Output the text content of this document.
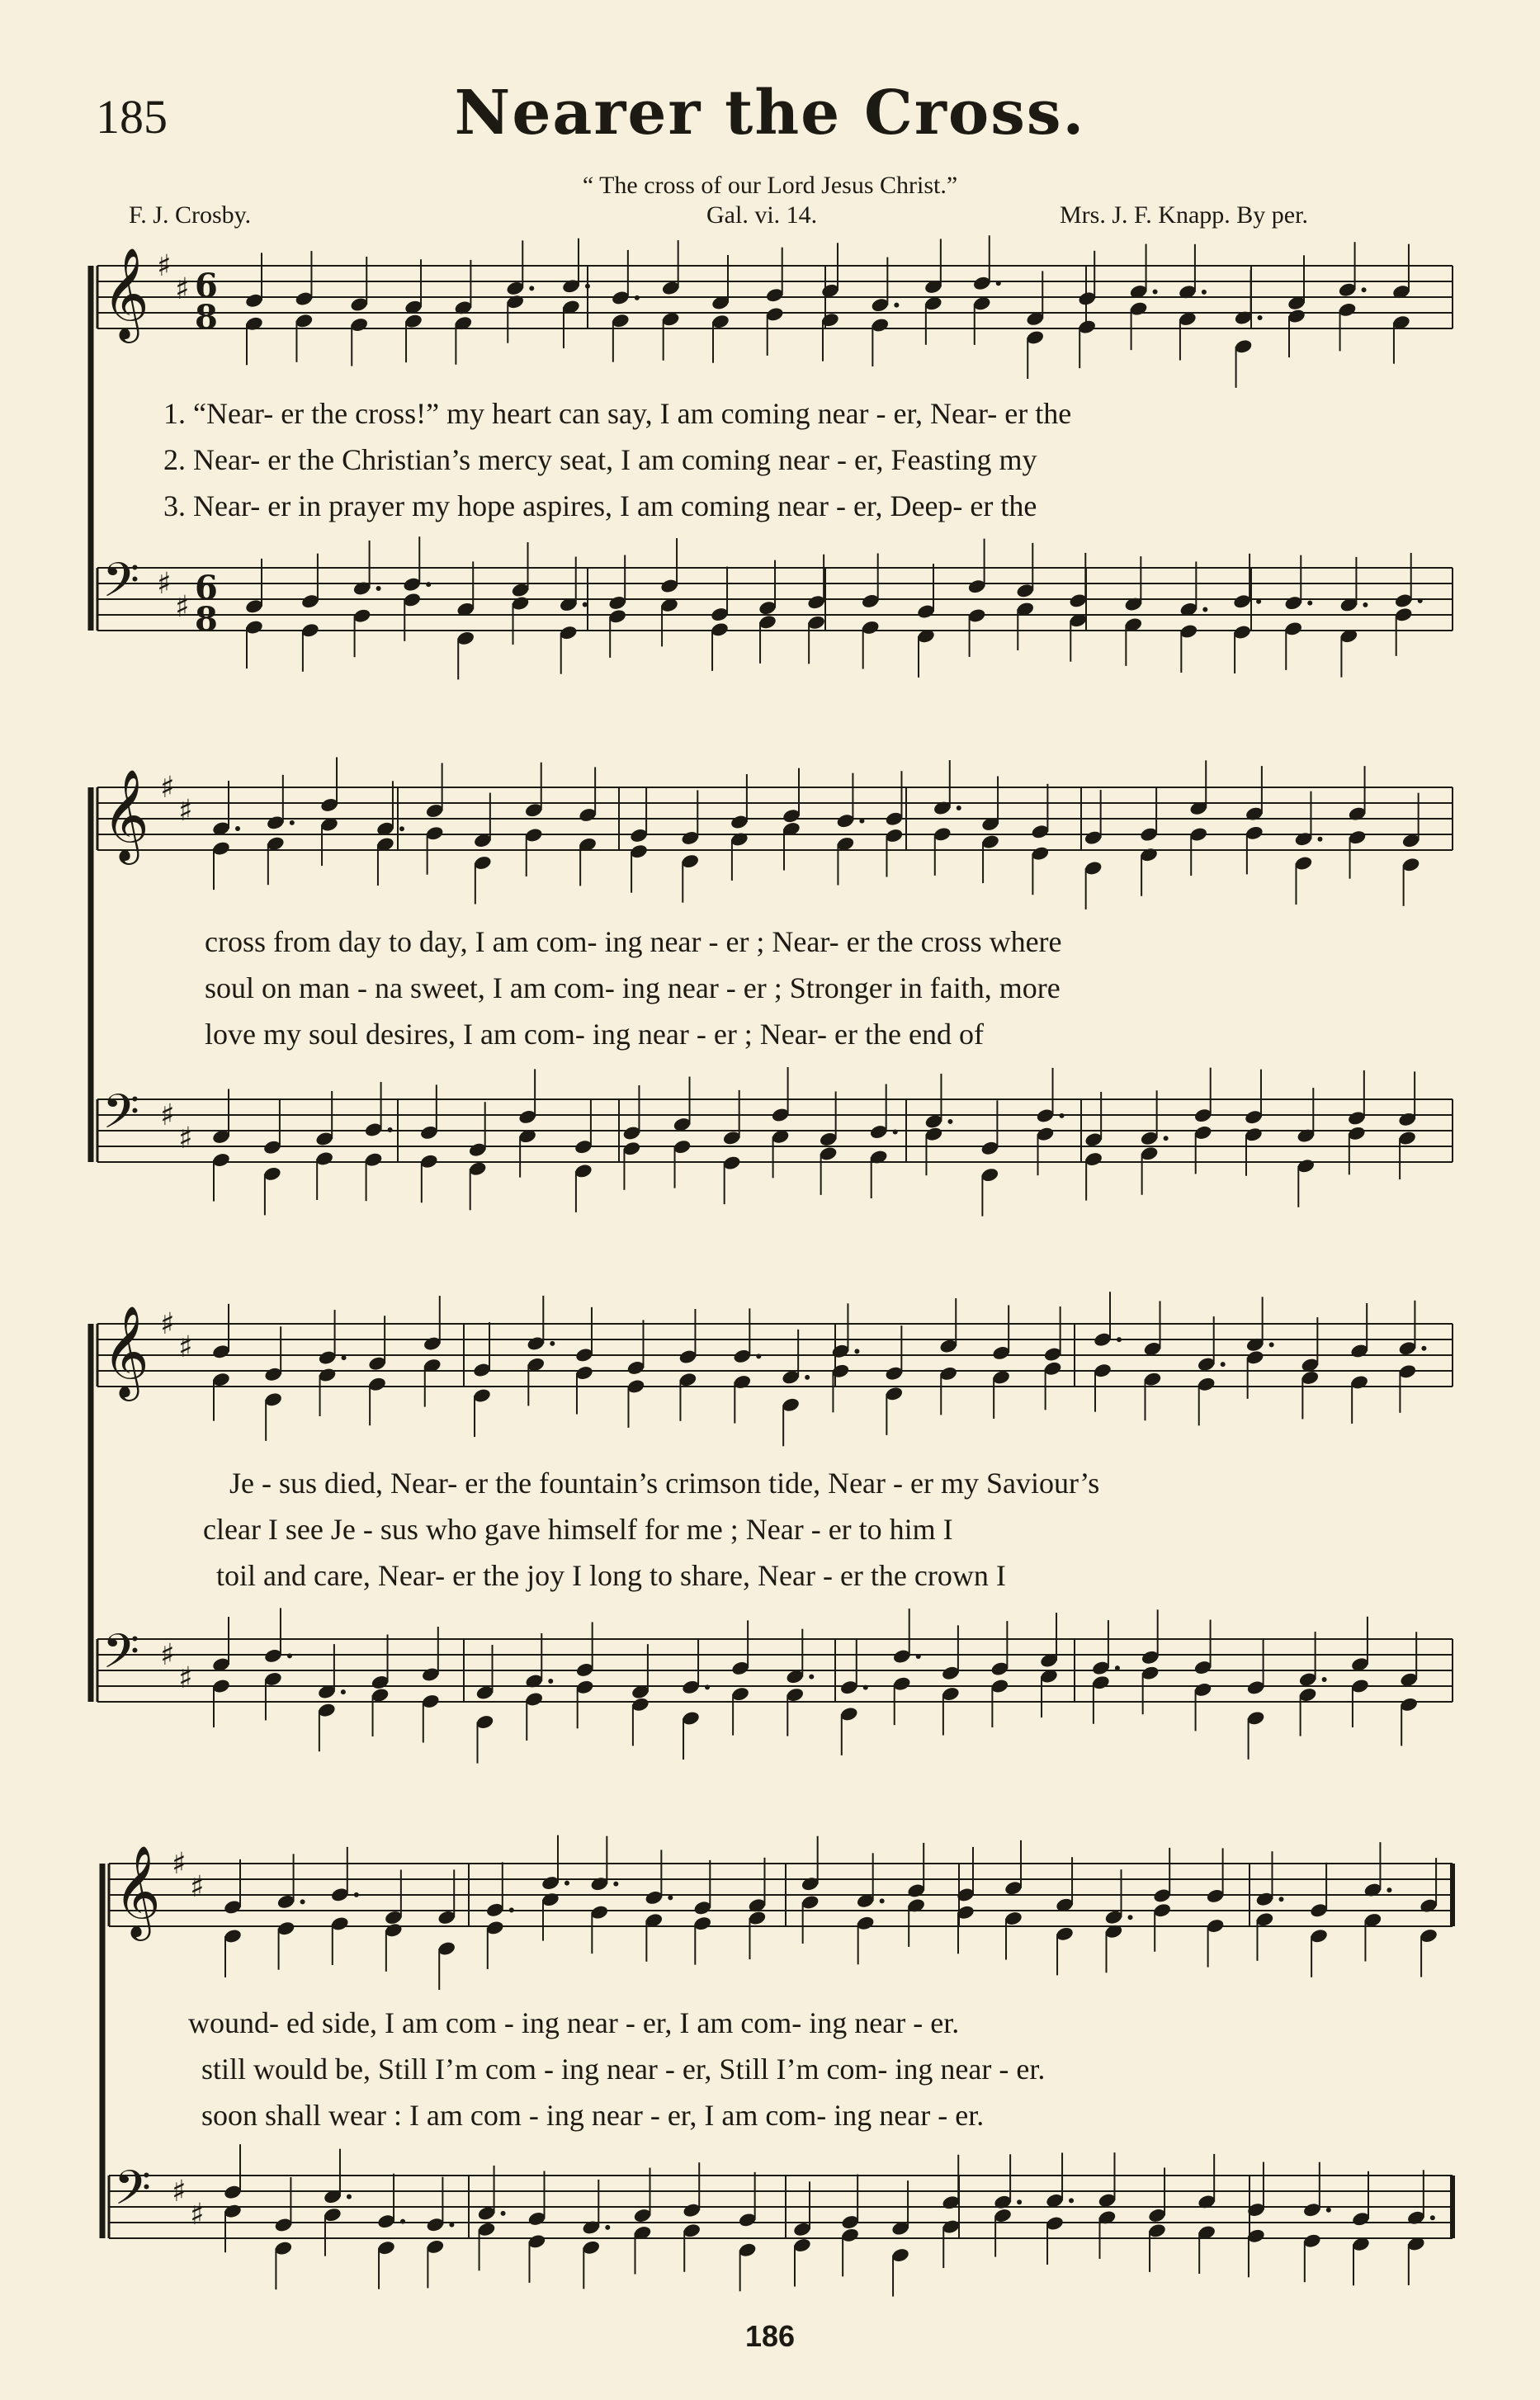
185	Nearer the Cross.
“ The cross of our Lord Jesus Christ.”
F. J. Crosby.	Gal. vi. 14.	Mrs. J. F. Knapp. By per.
𝄞 ♯
♯ 6
8
𝄢 ♯
♯ 6
8
𝄞 ♯
♯
𝄢 ♯
♯
𝄞 ♯
♯
𝄢 ♯
♯
𝄞 ♯
♯
𝄢 ♯
♯
1. “Near- er the cross!” my heart can say, I am coming near - er, Near- er the
2. Near- er the Christian’s mercy seat, I am coming near - er, Feasting my
3. Near- er in prayer my hope aspires, I am coming near - er, Deep- er the
cross from day to day, I am com- ing near - er ; Near- er the cross where
soul on man - na sweet, I am com- ing near - er ; Stronger in faith, more
love my soul desires, I am com- ing near - er ; Near- er the end of
Je - sus died, Near- er the fountain’s crimson tide, Near - er my Saviour’s
clear I see Je - sus who gave himself for me ; Near - er to him I
toil and care, Near- er the joy I long to share, Near - er the crown I
wound- ed side, I am com - ing near - er, I am com- ing near - er.
still would be, Still I’m com - ing near - er, Still I’m com- ing near - er.
soon shall wear : I am com - ing near - er, I am com- ing near - er.
186
